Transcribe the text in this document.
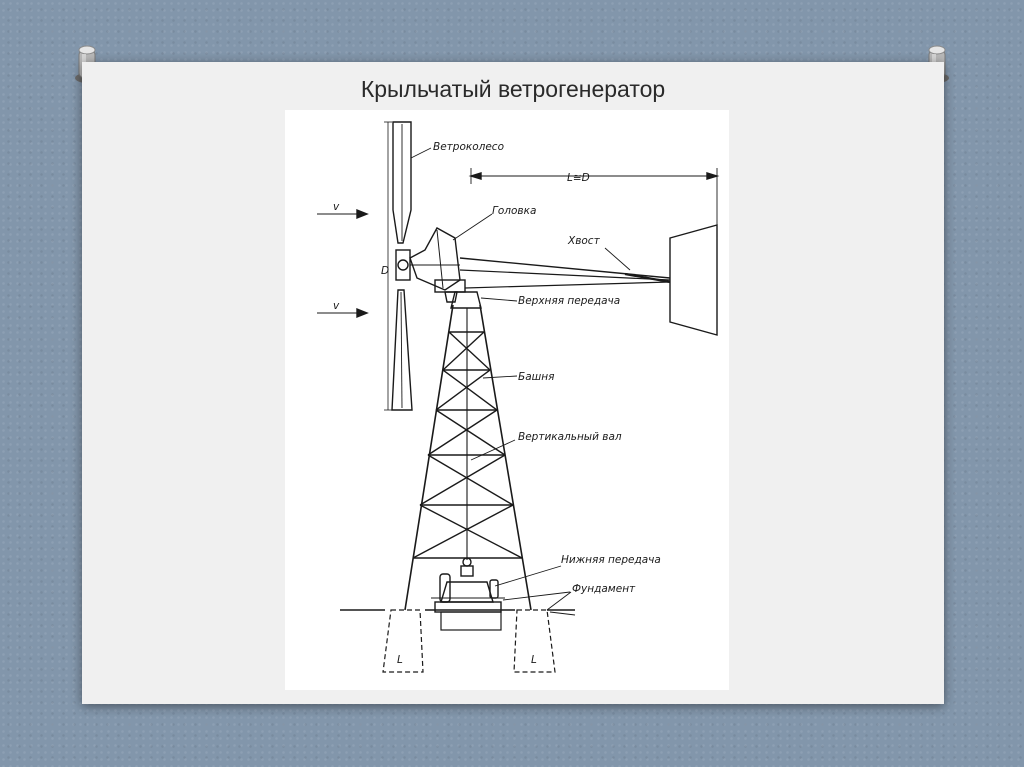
Крыльчатый ветрогенератор
Ветроколесо
L≅D
Головка
Хвост
Верхняя передача
Башня
Вертикальный вал
Нижняя передача
Фундамент
D
v
v
L	L
